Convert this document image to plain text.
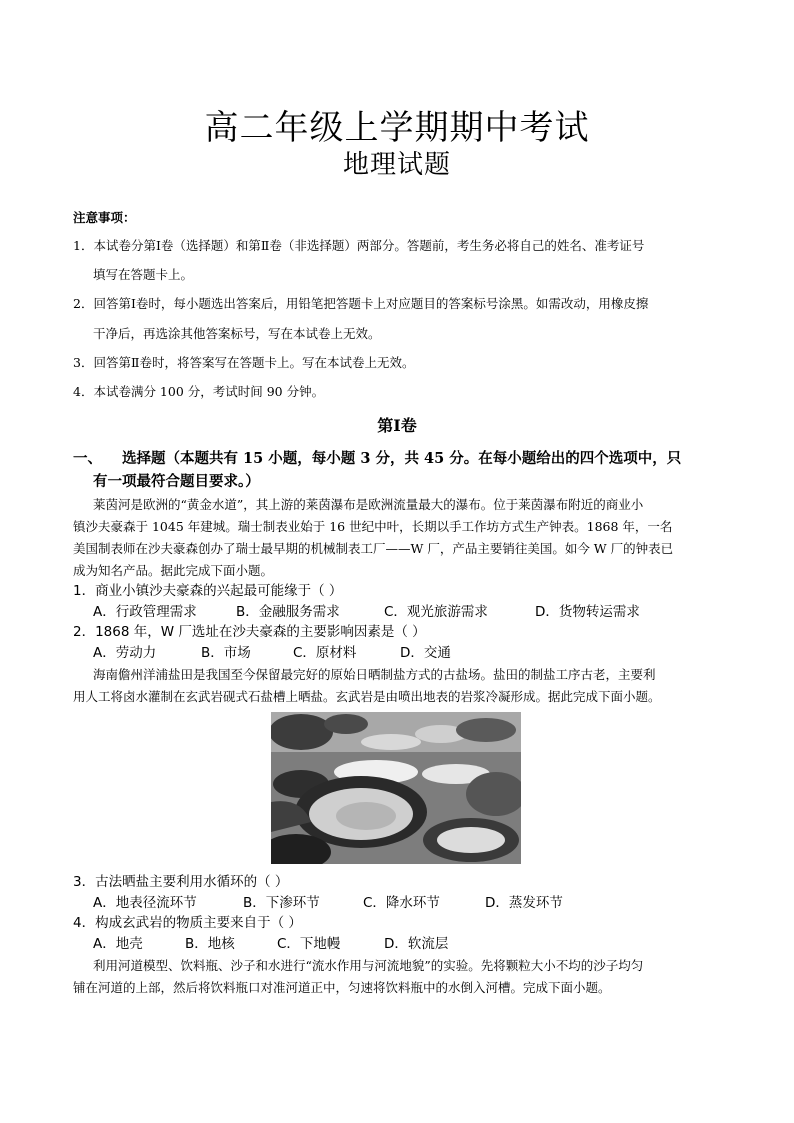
高二年级上学期期中考试
地理试题
注意事项：
1．本试卷分第Ⅰ卷（选择题）和第Ⅱ卷（非选择题）两部分。答题前，考生务必将自己的姓名、准考证号
填写在答题卡上。
2．回答第Ⅰ卷时，每小题选出答案后，用铅笔把答题卡上对应题目的答案标号涂黑。如需改动，用橡皮擦
干净后，再选涂其他答案标号，写在本试卷上无效。
3．回答第Ⅱ卷时，将答案写在答题卡上。写在本试卷上无效。
4．本试卷满分 100 分，考试时间 90 分钟。
第Ⅰ卷
一、 选择题（本题共有 15 小题，每小题 3 分，共 45 分。在每小题给出的四个选项中，只
有一项最符合题目要求。）
莱茵河是欧洲的“黄金水道”，其上游的莱茵瀑布是欧洲流量最大的瀑布。位于莱茵瀑布附近的商业小
镇沙夫豪森于 1045 年建城。瑞士制表业始于 16 世纪中叶，长期以手工作坊方式生产钟表。1868 年，一名
美国制表师在沙夫豪森创办了瑞士最早期的机械制表工厂——W 厂，产品主要销往美国。如今 W 厂的钟表已
成为知名产品。据此完成下面小题。
1．商业小镇沙夫豪森的兴起最可能缘于（ ）
A．行政管理需求	B．金融服务需求	C．观光旅游需求	D．货物转运需求
2．1868 年，W 厂选址在沙夫豪森的主要影响因素是（ ）
A．劳动力	B．市场	C．原材料	D．交通
海南儋州洋浦盐田是我国至今保留最完好的原始日晒制盐方式的古盐场。盐田的制盐工序古老，主要利
用人工将卤水灌制在玄武岩砚式石盐槽上晒盐。玄武岩是由喷出地表的岩浆冷凝形成。据此完成下面小题。
3．古法晒盐主要利用水循环的（ ）
A．地表径流环节	B．下渗环节	C．降水环节	D．蒸发环节
4．构成玄武岩的物质主要来自于（ ）
A．地壳	B．地核	C．下地幔	D．软流层
利用河道模型、饮料瓶、沙子和水进行“流水作用与河流地貌”的实验。先将颗粒大小不均的沙子均匀
铺在河道的上部，然后将饮料瓶口对准河道正中，匀速将饮料瓶中的水倒入河槽。完成下面小题。
